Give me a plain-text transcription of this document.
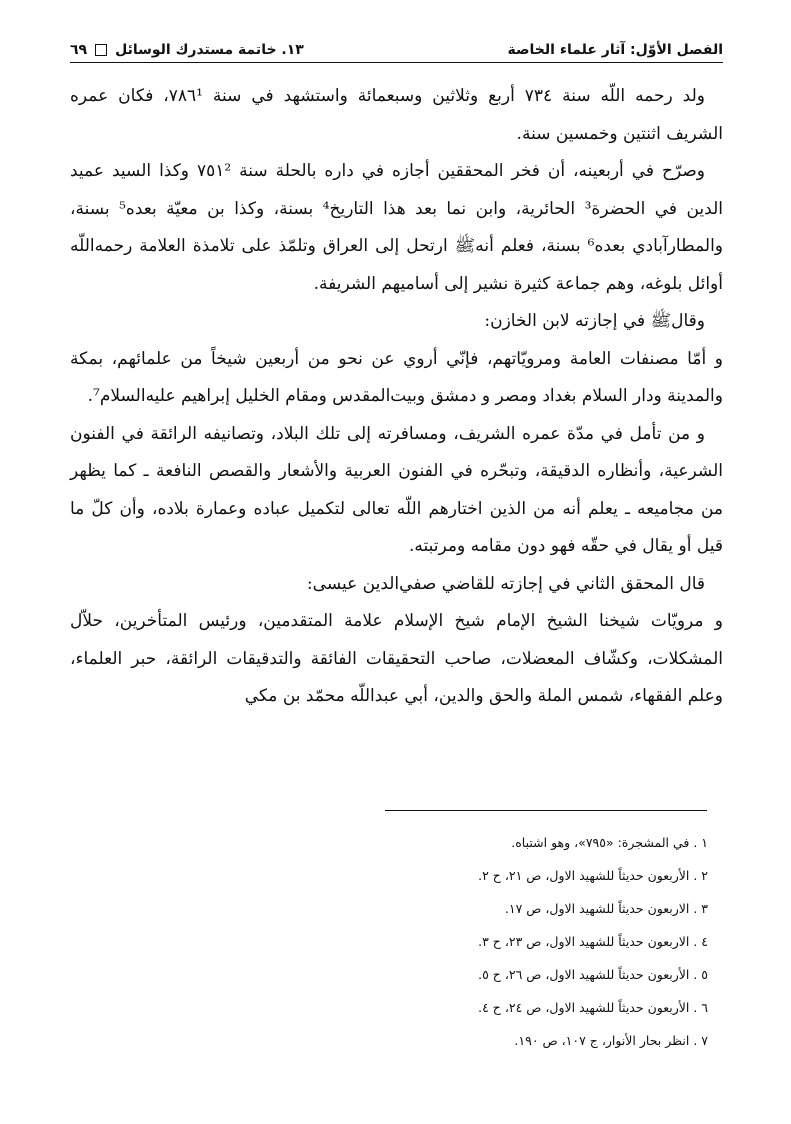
الفصل الأوّل: آثار علماء الخاصة
١٣. خاتمة مستدرك الوسائل
٦٩

ولد رحمه اللّه سنة ٧٣٤ أربع وثلاثين وسبعمائة واستشهد في سنة ٧٨٦¹، فكان عمره الشريف اثنتين وخمسين سنة.

وصرّح في أربعينه، أن فخر المحققين أجازه في داره بالحلة سنة ٧٥١² وكذا السيد عميد الدين في الحضرة³ الحائرية، وابن نما بعد هذا التاريخ⁴ بسنة، وكذا بن معيّة بعده⁵ بسنة، والمطارآبادي بعده⁶ بسنة، فعلم أنه‌ﷺ ارتحل إلى العراق وتلمّذ على تلامذة العلامة رحمه‌اللّه أوائل بلوغه، وهم جماعة كثيرة نشير إلى أساميهم الشريفة.

وقال‌ﷺ في إجازته لابن الخازن:

و أمّا مصنفات العامة ومرويّاتهم، فإنّي أروي عن نحو من أربعين شيخاً من علمائهم، بمكة والمدينة ودار السلام بغداد ومصر و دمشق وبيت‌المقدس ومقام الخليل إبراهيم ‌عليه‌السلام⁷.

و من تأمل في مدّة عمره الشريف، ومسافرته إلى تلك البلاد، وتصانيفه الرائقة في الفنون الشرعية، وأنظاره الدقيقة، وتبحّره في الفنون العربية والأشعار والقصص النافعة ـ كما يظهر من مجاميعه ـ يعلم أنه من الذين اختارهم اللّه تعالى لتكميل عباده وعمارة بلاده، وأن كلّ ما قيل أو يقال في حقّه فهو دون مقامه ومرتبته.

قال المحقق الثاني في إجازته للقاضي صفي‌الدين عيسى:

و مرويّات شيخنا الشيخ الإمام شيخ الإسلام علامة المتقدمين، ورئيس المتأخرين، حلاّل المشكلات، وكشّاف المعضلات، صاحب التحقيقات الفائقة والتدقيقات الرائقة، حبر العلماء، وعلم الفقهاء، شمس الملة والحق والدين، أبي عبداللّه محمّد بن مكي

١ . في المشجرة: «٧٩٥»، وهو اشتباه.
٢ . الأربعون حديثاً للشهيد الاول، ص ٢١، ح ٢.
٣ . الاربعون حديثاً للشهيد الاول، ص ١٧.
٤ . الاربعون حديثاً للشهيد الاول، ص ٢٣، ح ٣.
٥ . الأربعون حديثاً للشهيد الاول، ص ٢٦، ح ٥.
٦ . الأربعون حديثاً للشهيد الاول، ص ٢٤، ح ٤.
٧ . انظر بحار الأنوار، ج ١٠٧، ص ١٩٠.
